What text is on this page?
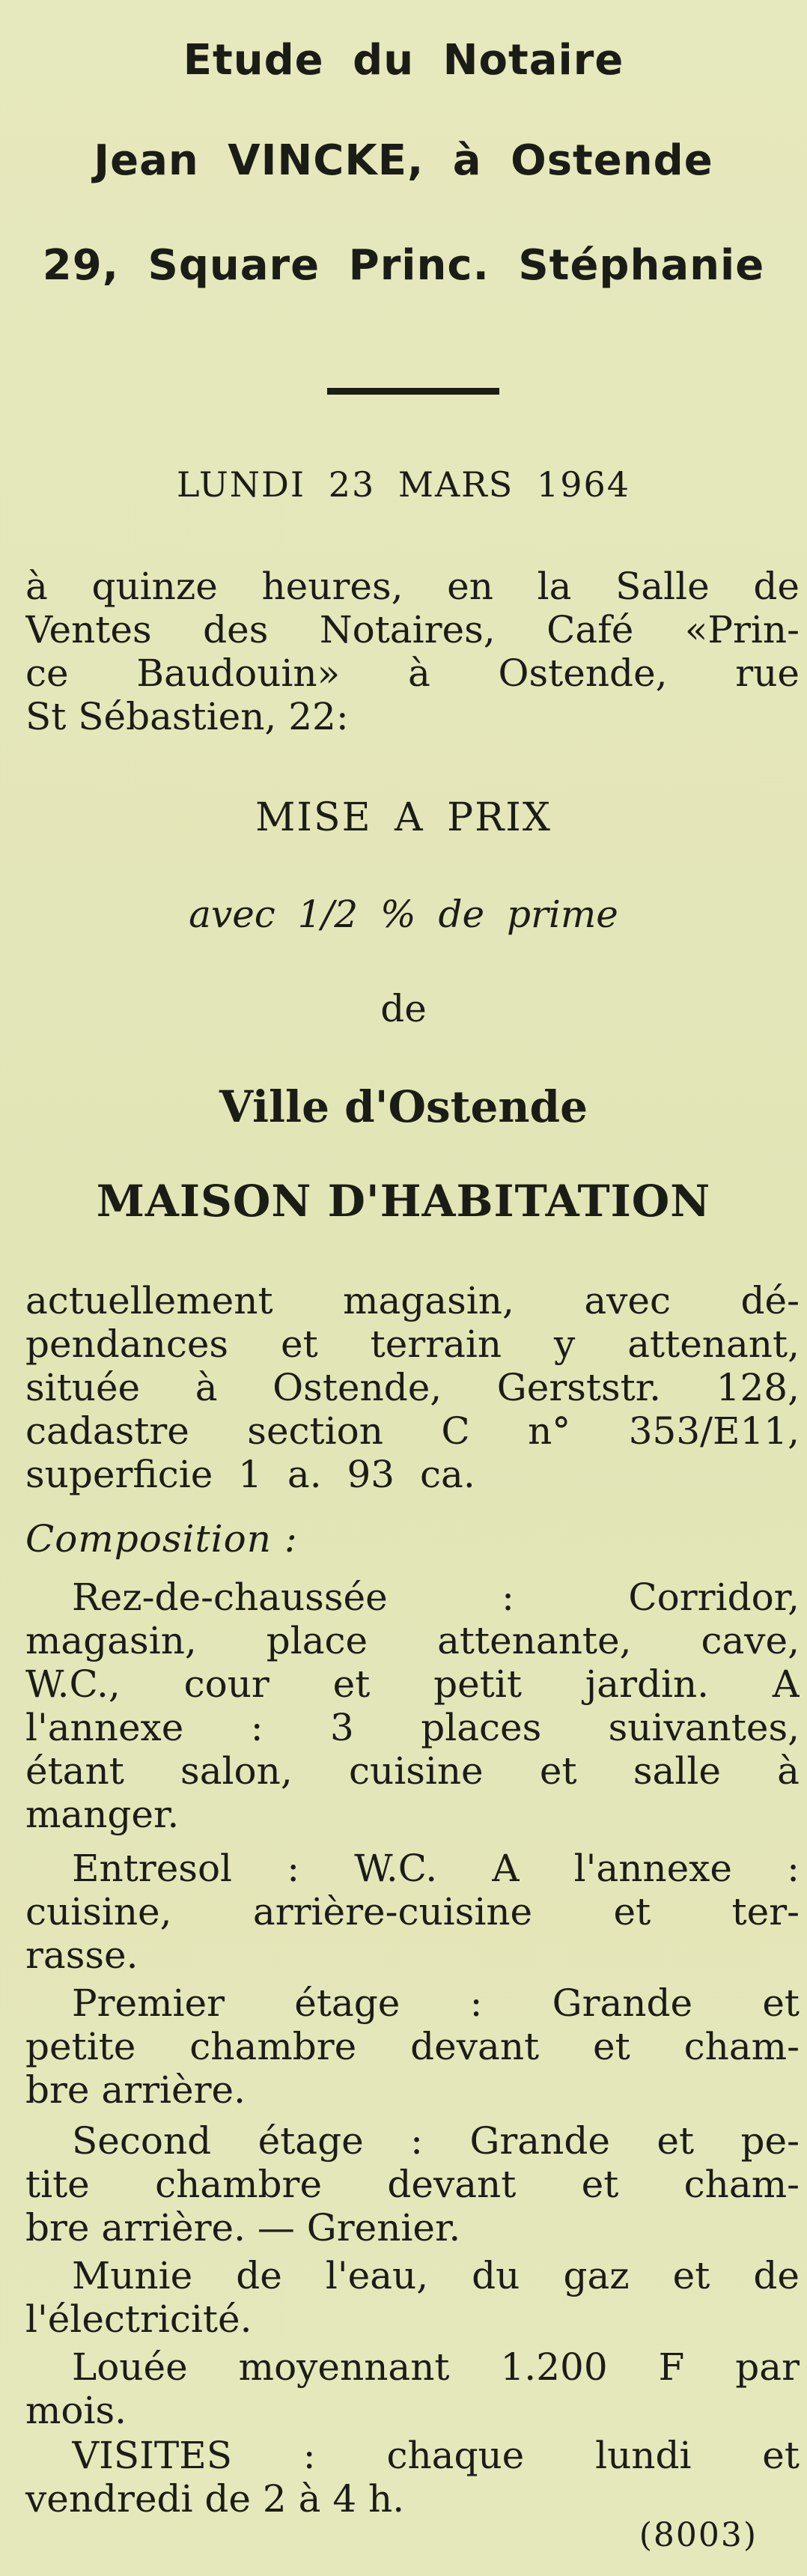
Etude du Notaire
Jean VINCKE, à Ostende
29, Square Princ. Stéphanie
LUNDI 23 MARS 1964
à quinze heures, en la Salle de
Ventes des Notaires, Café «Prin-
ce Baudouin» à Ostende, rue
St Sébastien, 22:
MISE A PRIX
avec 1/2 % de prime
de
Ville d'Ostende
MAISON D'HABITATION
actuellement magasin, avec dé-
pendances et terrain y attenant,
située à Ostende, Gerststr. 128,
cadastre section C n° 353/E11,
superficie 1 a. 93 ca.
Composition :
Rez-de-chaussée : Corridor,
magasin, place attenante, cave,
W.C., cour et petit jardin. A
l'annexe : 3 places suivantes,
étant salon, cuisine et salle à
manger.
Entresol : W.C. A l'annexe :
cuisine, arrière-cuisine et ter-
rasse.
Premier étage : Grande et
petite chambre devant et cham-
bre arrière.
Second étage : Grande et pe-
tite chambre devant et cham-
bre arrière. — Grenier.
Munie de l'eau, du gaz et de
l'électricité.
Louée moyennant 1.200 F par
mois.
VISITES : chaque lundi et
vendredi de 2 à 4 h.
(8003)
